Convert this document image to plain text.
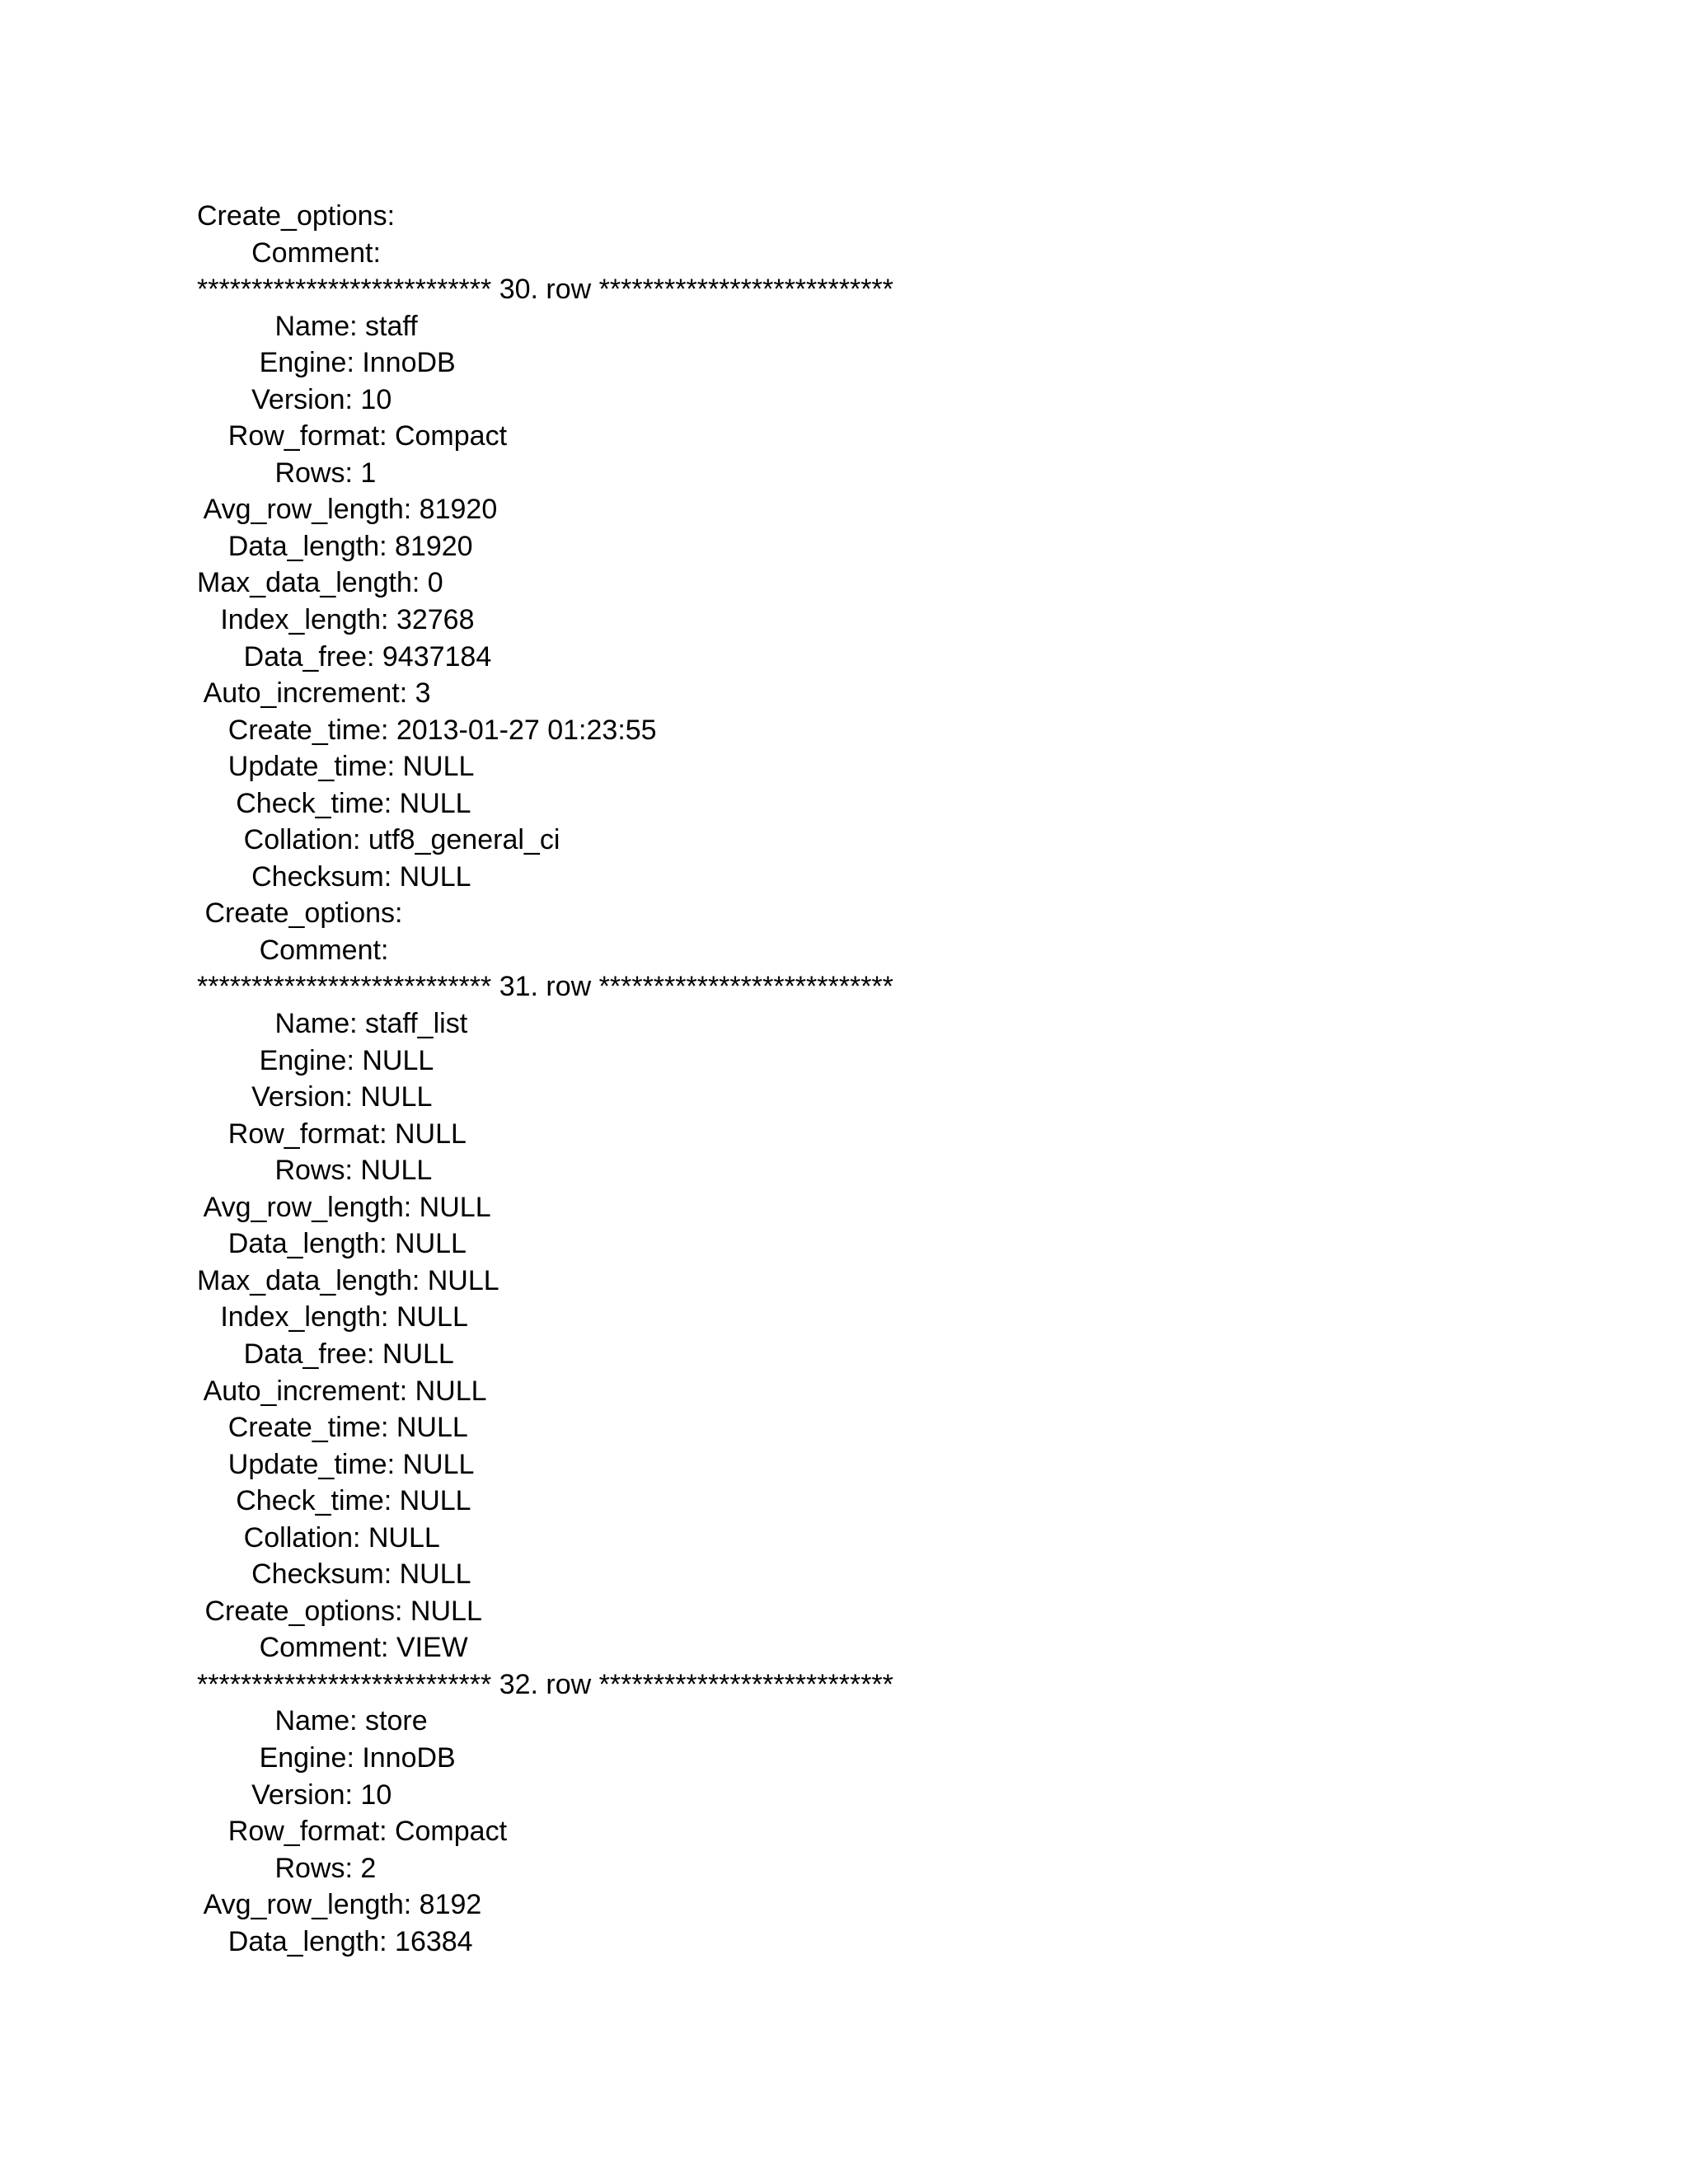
Create_options:
Comment:
*************************** 30. row ***************************
Name: staff
Engine: InnoDB
Version: 10
Row_format: Compact
Rows: 1
Avg_row_length: 81920
Data_length: 81920
Max_data_length: 0
Index_length: 32768
Data_free: 9437184
Auto_increment: 3
Create_time: 2013-01-27 01:23:55
Update_time: NULL
Check_time: NULL
Collation: utf8_general_ci
Checksum: NULL
Create_options:
Comment:
*************************** 31. row ***************************
Name: staff_list
Engine: NULL
Version: NULL
Row_format: NULL
Rows: NULL
Avg_row_length: NULL
Data_length: NULL
Max_data_length: NULL
Index_length: NULL
Data_free: NULL
Auto_increment: NULL
Create_time: NULL
Update_time: NULL
Check_time: NULL
Collation: NULL
Checksum: NULL
Create_options: NULL
Comment: VIEW
*************************** 32. row ***************************
Name: store
Engine: InnoDB
Version: 10
Row_format: Compact
Rows: 2
Avg_row_length: 8192
Data_length: 16384
